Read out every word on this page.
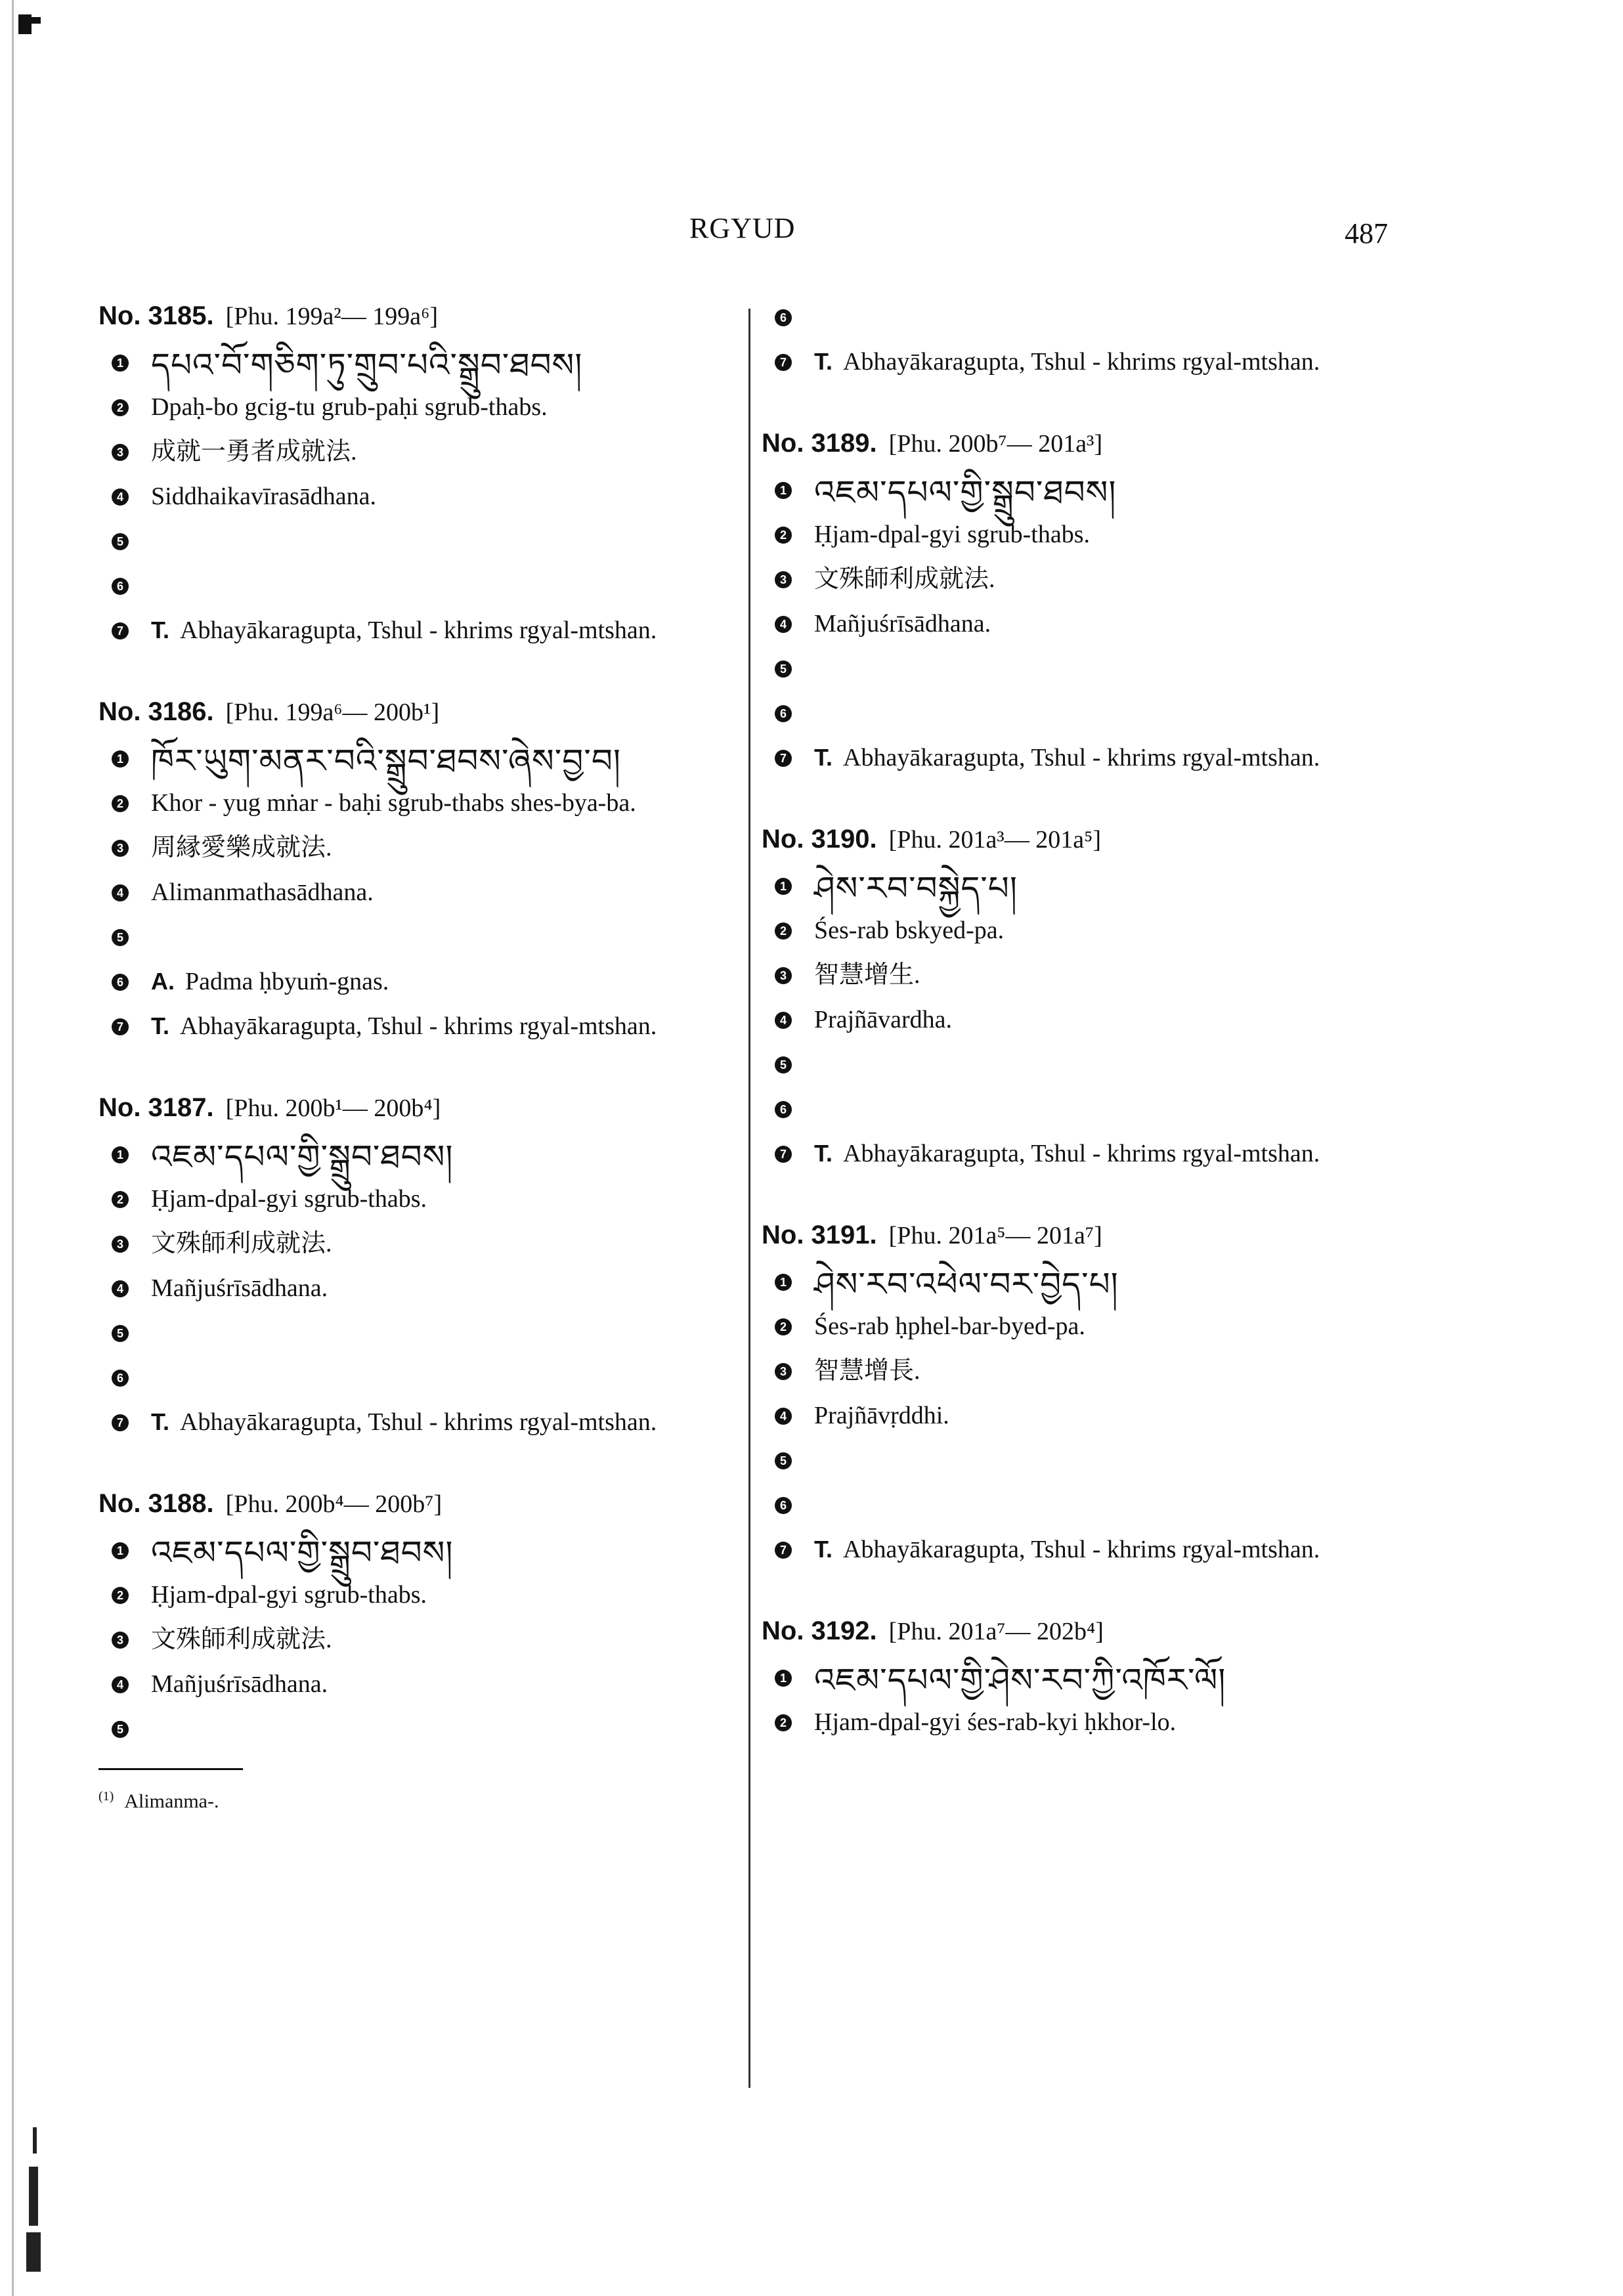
RGYUD	487
No. 3185. [Phu. 199a²— 199a⁶]
1 དཔའ་བོ་གཅིག་ཏུ་གྲུབ་པའི་སྒྲུབ་ཐབས།
2 Dpaḥ-bo gcig-tu grub-paḥi sgrub-thabs.
3 成就一勇者成就法.
4 Siddhaikavīrasādhana.
5
6
7 T. Abhayākaragupta, Tshul - khrims rgyal-mtshan.
No. 3186. [Phu. 199a⁶— 200b¹]
1 ཁོར་ཡུག་མནར་བའི་སྒྲུབ་ཐབས་ཞེས་བྱ་བ།
2 Khor - yug mṅar - baḥi sgrub-thabs shes-bya-ba.
3 周縁愛樂成就法.
4 Alimanmathasādhana.
5
6 A. Padma ḥbyuṁ-gnas.
7 T. Abhayākaragupta, Tshul - khrims rgyal-mtshan.
No. 3187. [Phu. 200b¹— 200b⁴]
1 འཇམ་དཔལ་གྱི་སྒྲུབ་ཐབས།
2 Ḥjam-dpal-gyi sgrub-thabs.
3 文殊師利成就法.
4 Mañjuśrīsādhana.
5
6
7 T. Abhayākaragupta, Tshul - khrims rgyal-mtshan.
No. 3188. [Phu. 200b⁴— 200b⁷]
1 འཇམ་དཔལ་གྱི་སྒྲུབ་ཐབས།
2 Ḥjam-dpal-gyi sgrub-thabs.
3 文殊師利成就法.
4 Mañjuśrīsādhana.
5
$^{(1)}$ Alimanma-.
6
7 T. Abhayākaragupta, Tshul - khrims rgyal-mtshan.
No. 3189. [Phu. 200b⁷— 201a³]
1 འཇམ་དཔལ་གྱི་སྒྲུབ་ཐབས།
2 Ḥjam-dpal-gyi sgrub-thabs.
3 文殊師利成就法.
4 Mañjuśrīsādhana.
5
6
7 T. Abhayākaragupta, Tshul - khrims rgyal-mtshan.
No. 3190. [Phu. 201a³— 201a⁵]
1 ཤེས་རབ་བསྐྱེད་པ།
2 Śes-rab bskyed-pa.
3 智慧增生.
4 Prajñāvardha.
5
6
7 T. Abhayākaragupta, Tshul - khrims rgyal-mtshan.
No. 3191. [Phu. 201a⁵— 201a⁷]
1 ཤེས་རབ་འཕེལ་བར་བྱེད་པ།
2 Śes-rab ḥphel-bar-byed-pa.
3 智慧增長.
4 Prajñāvṛddhi.
5
6
7 T. Abhayākaragupta, Tshul - khrims rgyal-mtshan.
No. 3192. [Phu. 201a⁷— 202b⁴]
1 འཇམ་དཔལ་གྱི་ཤེས་རབ་ཀྱི་འཁོར་ལོ།
2 Ḥjam-dpal-gyi śes-rab-kyi ḥkhor-lo.
